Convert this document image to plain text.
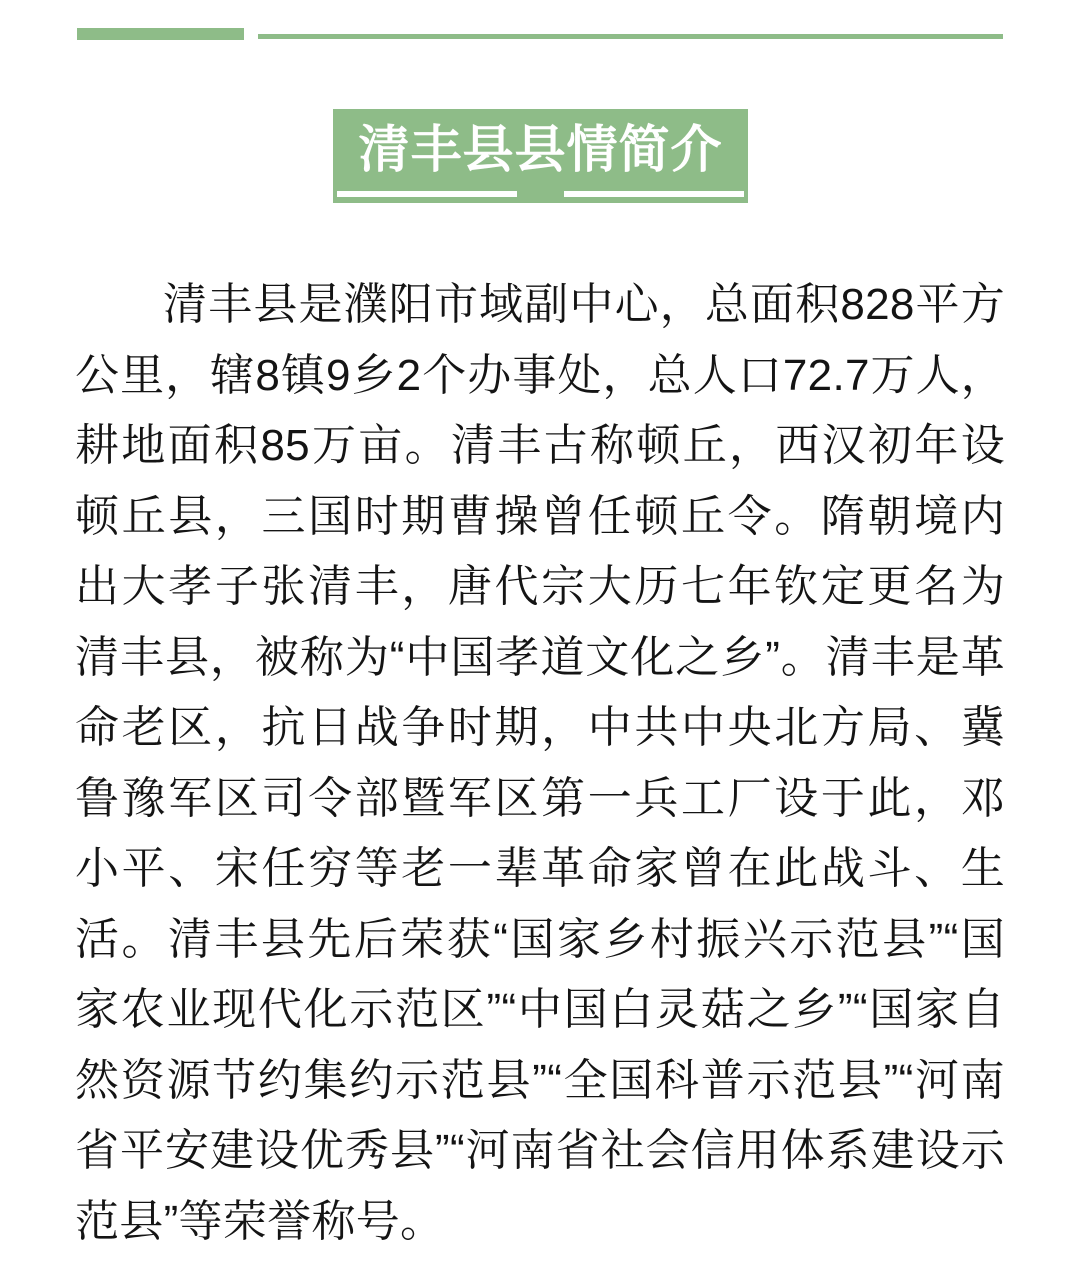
清丰县县情简介

清丰县是濮阳市域副中心，总面积828平方公里，辖8镇9乡2个办事处，总人口72.7万人，耕地面积85万亩。清丰古称顿丘，西汉初年设顿丘县，三国时期曹操曾任顿丘令。隋朝境内出大孝子张清丰，唐代宗大历七年钦定更名为清丰县，被称为“中国孝道文化之乡”。清丰是革命老区，抗日战争时期，中共中央北方局、冀鲁豫军区司令部暨军区第一兵工厂设于此，邓小平、宋任穷等老一辈革命家曾在此战斗、生活。清丰县先后荣获“国家乡村振兴示范县”“国家农业现代化示范区”“中国白灵菇之乡”“国家自然资源节约集约示范县”“全国科普示范县”“河南省平安建设优秀县”“河南省社会信用体系建设示范县”等荣誉称号。
